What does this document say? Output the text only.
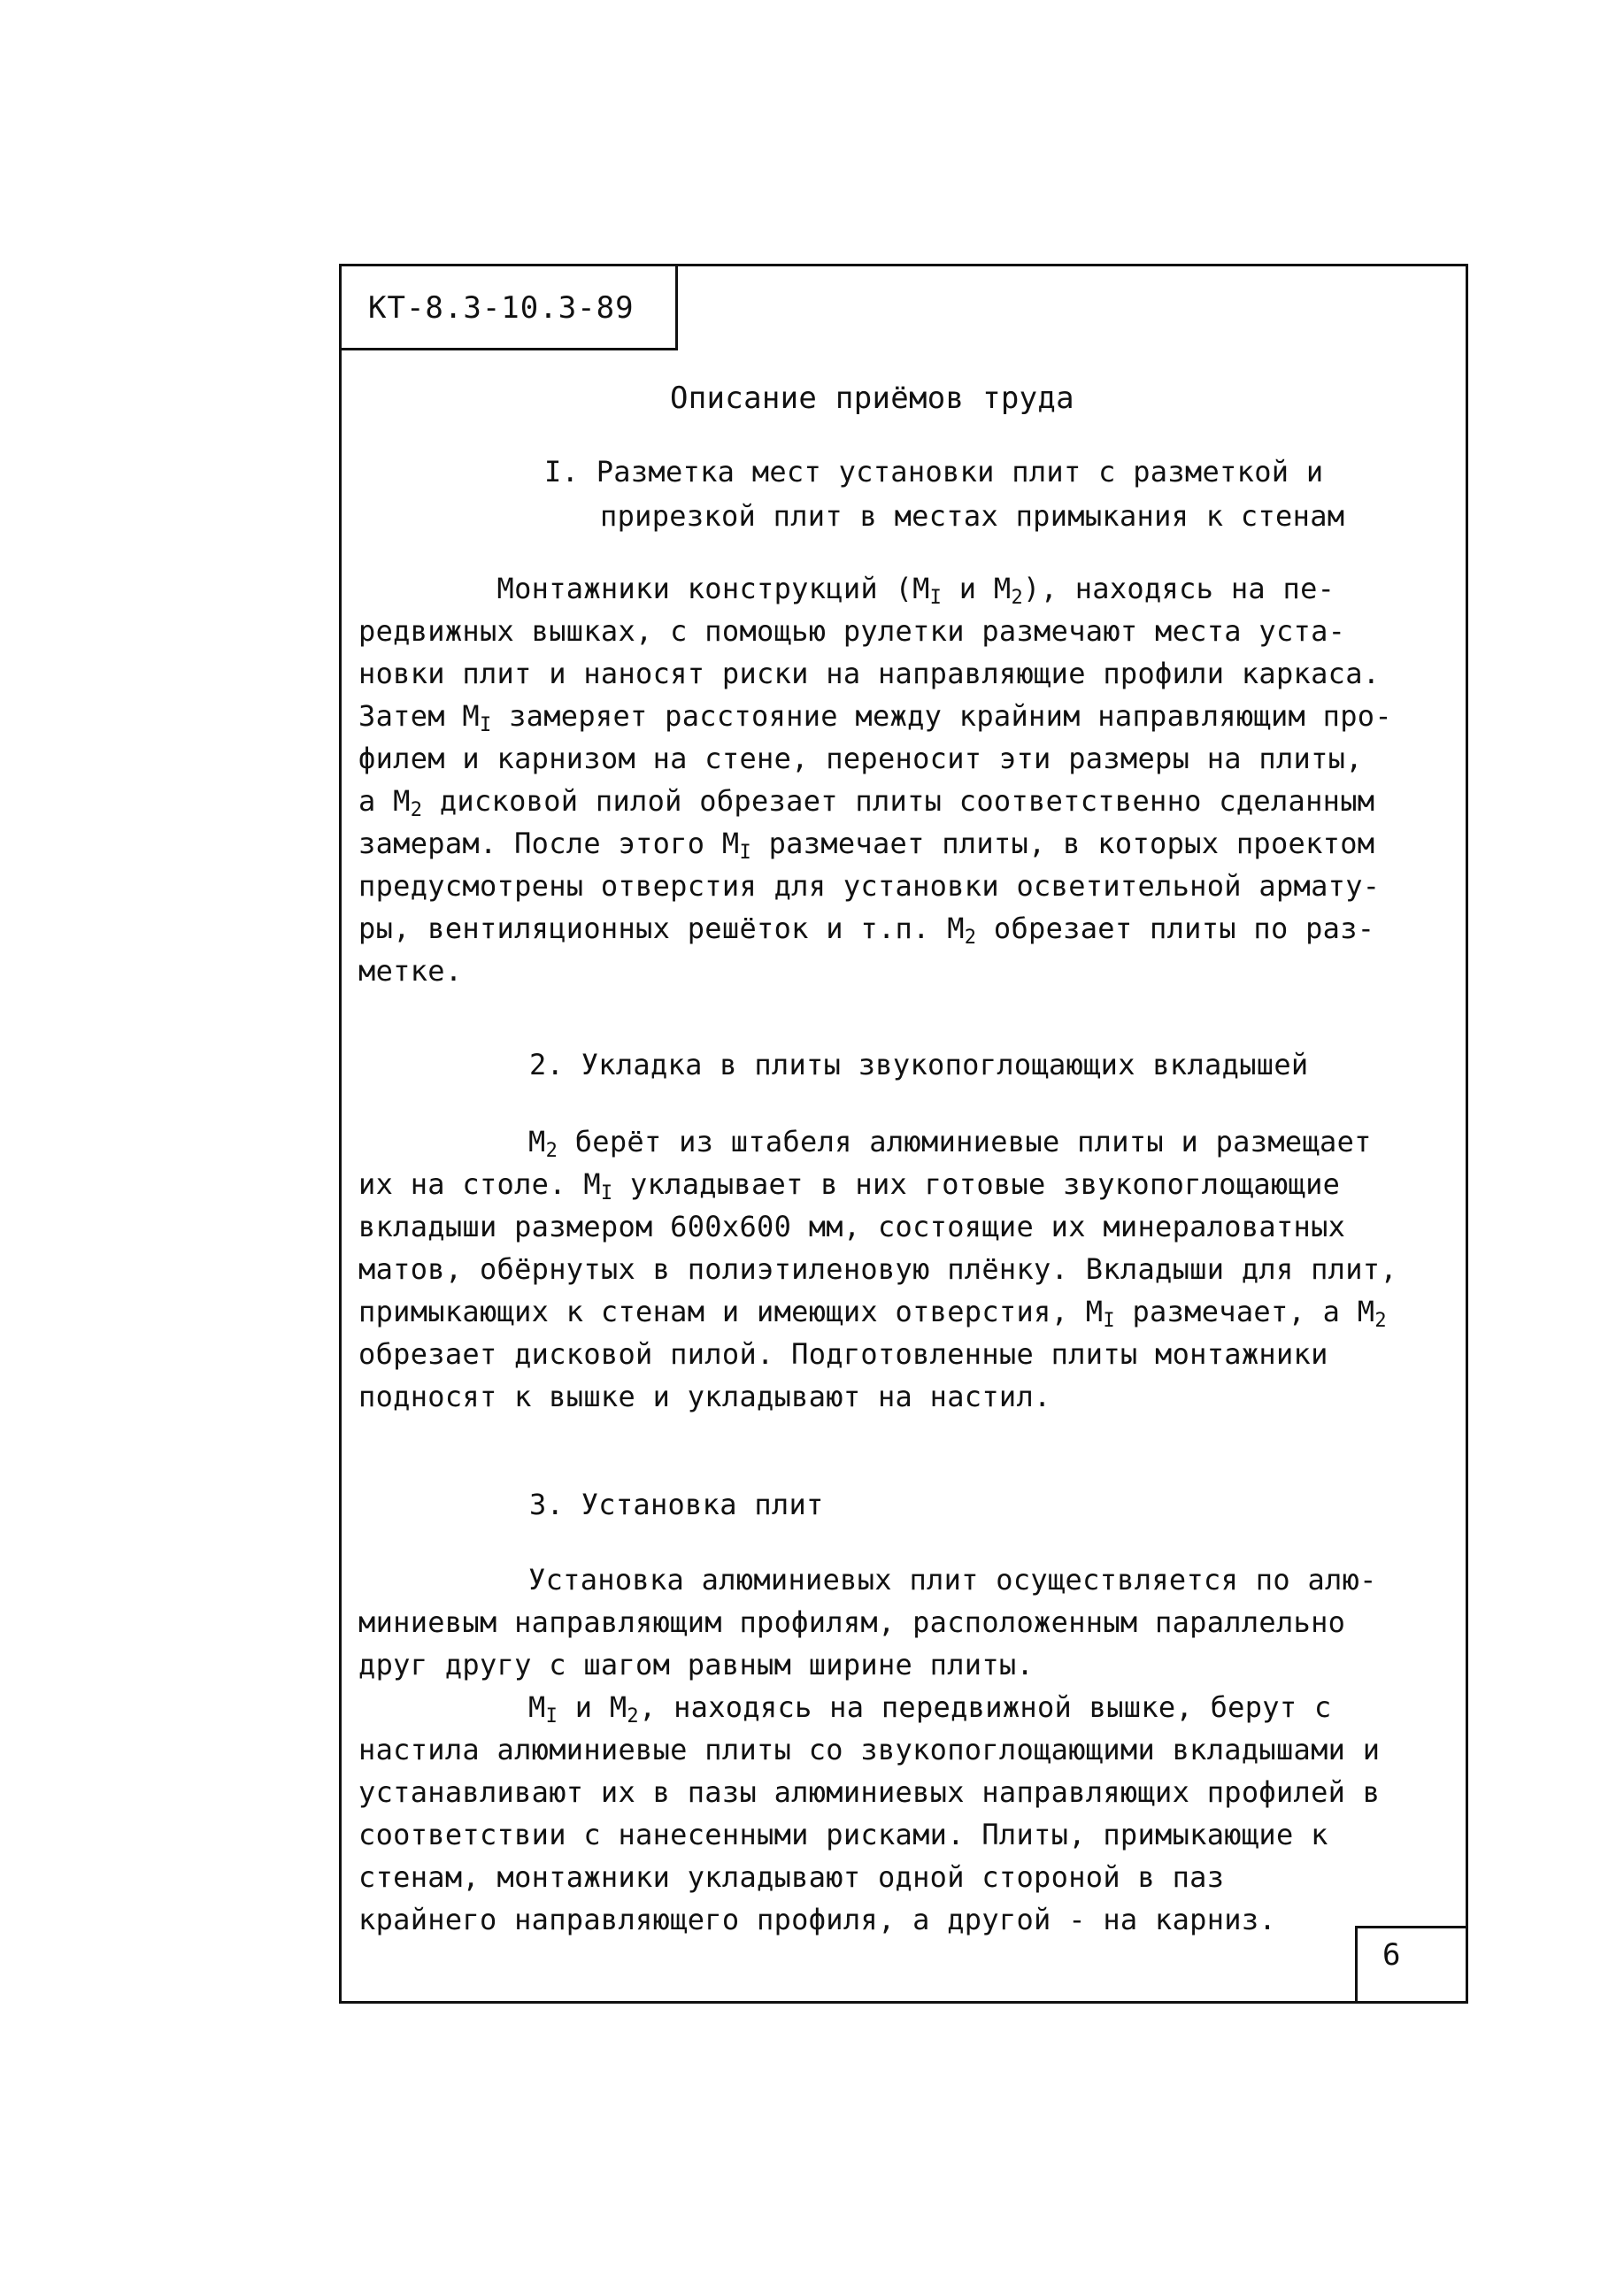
КТ-8.3-10.3-89
6
Описание приёмов труда
I. Разметка мест установки плит с разметкой и
прирезкой плит в местах примыкания к стенам
Монтажники конструкций ($М_I$ и $М_2$), находясь на пе-
редвижных вышках, с помощью рулетки размечают места уста-
новки плит и наносят риски на направляющие профили каркаса.
Затем $М_I$ замеряет расстояние между крайним направляющим про-
филем и карнизом на стене, переносит эти размеры на плиты,
а $М_2$ дисковой пилой обрезает плиты соответственно сделанным
замерам. После этого $М_I$ размечает плиты, в которых проектом
предусмотрены отверстия для установки осветительной армату-
ры, вентиляционных решёток и т.п. $М_2$ обрезает плиты по раз-
метке.
2. Укладка в плиты звукопоглощающих вкладышей
$М_2$ берёт из штабеля алюминиевые плиты и размещает
их на столе. $М_I$ укладывает в них готовые звукопоглощающие
вкладыши размером 600х600 мм, состоящие их минераловатных
матов, обёрнутых в полиэтиленовую плёнку. Вкладыши для плит,
примыкающих к стенам и имеющих отверстия, $М_I$ размечает, а $М_2$
обрезает дисковой пилой. Подготовленные плиты монтажники
подносят к вышке и укладывают на настил.
3. Установка плит
Установка алюминиевых плит осуществляется по алю-
миниевым направляющим профилям, расположенным параллельно
друг другу с шагом равным ширине плиты.
$М_I$ и $М_2$, находясь на передвижной вышке, берут с
настила алюминиевые плиты со звукопоглощающими вкладышами и
устанавливают их в пазы алюминиевых направляющих профилей в
соответствии с нанесенными рисками. Плиты, примыкающие к
стенам, монтажники укладывают одной стороной в паз
крайнего направляющего профиля, а другой - на карниз.
